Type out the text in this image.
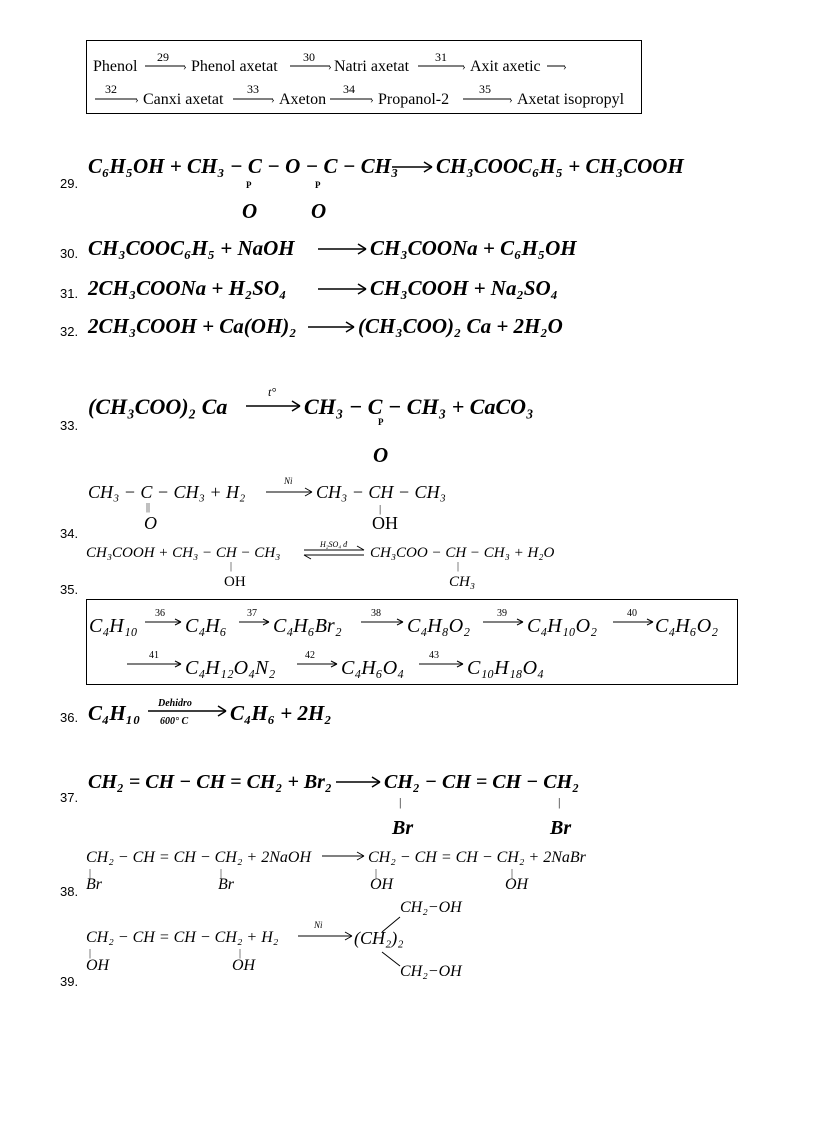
Phenol
29
› Phenol axetat
30
› Natri axetat
31
› Axit axetic ›
32
› Canxi axetat
33
› Axeton
34
› Propanol-2
35
› Axetat isopropyl
29.
C₆H₅OH + CH₃ − C − O − C − CH₃ CH₃COOC₆H₅ + CH₃COOH
P	P
O	O
30. CH₃COOC₆H₅ + NaOH	CH₃COONa + C₆H₅OH
31. 2CH₃COONa + H₂SO₄	CH₃COOH + Na₂SO₄
32. 2CH₃COOH + Ca(OH)₂	(CH₃COO)₂ Ca + 2H₂O
33.
(CH₃COO)₂ Ca
t°
CH₃ − C − CH₃ + CaCO₃
P
O
CH₃ − C − CH₃ + H₂
Ni
CH₃ − CH − CH₃
||
O
|
OH
34.
CH₃COOH + CH₃ − CH − CH₃
H₂SO₄ đ
CH₃COO − CH − CH₃ + H₂O
|
OH
|
CH₃
35.
C₄H₁₀
36
C₄H₆
37
C₄H₆Br₂
38
C₄H₈O₂
39
C₄H₁₀O₂
40
C₄H₆O₂
41
C₄H₁₂O₄N₂
42
C₄H₆O₄
43
C₁₀H₁₈O₄
36. C₄H₁₀ Dehidro
600° C C₄H₆ + 2H₂
37.
CH₂ = CH − CH = CH₂ + Br₂	CH₂ − CH = CH − CH₂
|	|
Br	Br
CH₂ − CH = CH − CH₂ + 2NaOH	CH₂ − CH = CH − CH₂ + 2NaBr
|	|
Br	Br
|	|
OH	OH
38.
CH₂−OH
CH₂ − CH = CH − CH₂ + H₂
Ni
(CH₂)₂
|	|
OH	OH	CH₂−OH
39.
